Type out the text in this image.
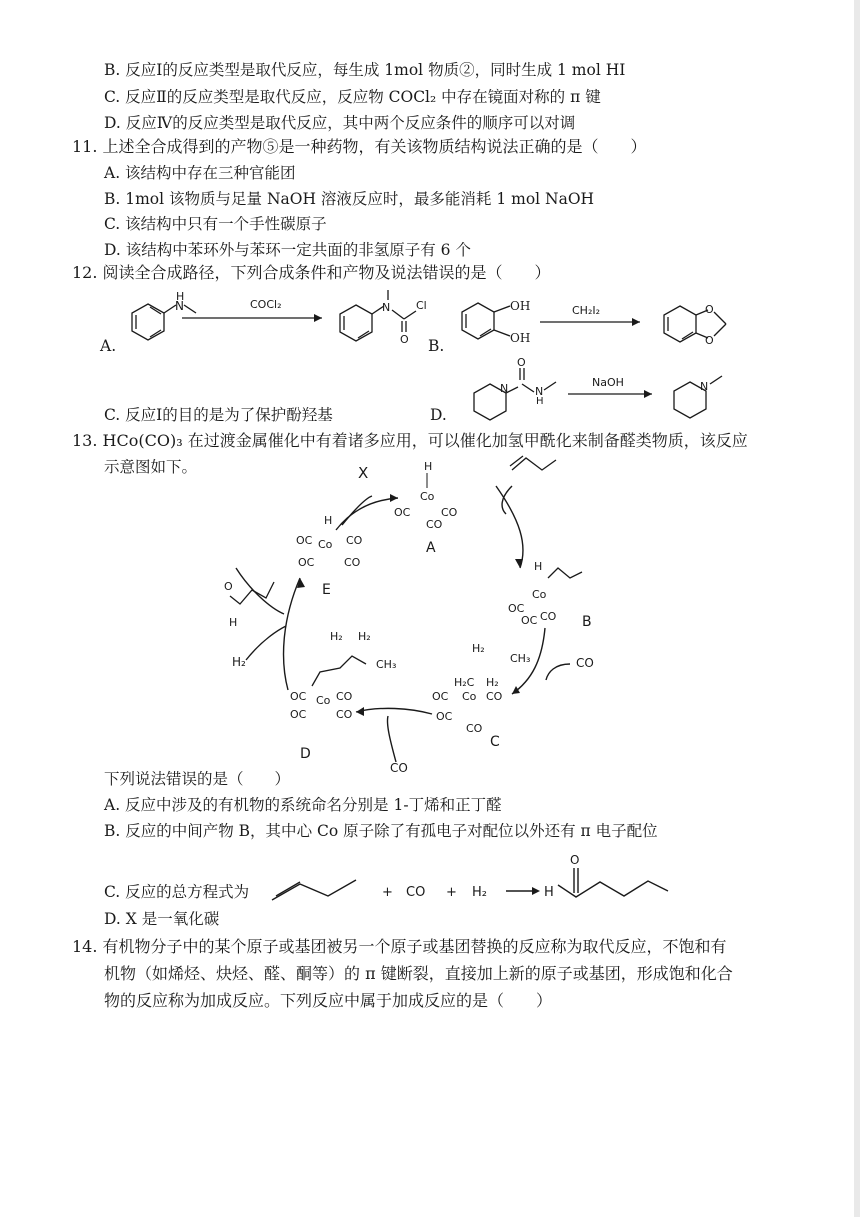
B. 反应Ⅰ的反应类型是取代反应，每生成 1mol 物质②，同时生成 1 mol HI
C. 反应Ⅱ的反应类型是取代反应，反应物 COCl₂ 中存在镜面对称的 π 键
D. 反应Ⅳ的反应类型是取代反应，其中两个反应条件的顺序可以对调
11. 上述全合成得到的产物⑤是一种药物，有关该物质结构说法正确的是（　　）
A. 该结构中存在三种官能团
B. 1mol 该物质与足量 NaOH 溶液反应时，最多能消耗 1 mol NaOH
C. 该结构中只有一个手性碳原子
D. 该结构中苯环外与苯环一定共面的非氢原子有 6 个
12. 阅读全合成路径，下列合成条件和产物及说法错误的是（　　）
A.	B.
C. 反应Ⅰ的目的是为了保护酚羟基	D.
H
N	COCl₂	N Cl
O
OH
OH
CH₂I₂	O
O
O
N N
H
NaOH	N
13. HCo(CO)₃ 在过渡金属催化中有着诸多应用，可以催化加氢甲酰化来制备醛类物质，该反应
示意图如下。	H
Co
OC	CO
CO
H
Co
OC
CO
OC
H₂C
Co
OC	CO
OC
CO
CH₃
H₂
H₂
Co
OC	CO
OC	CO
H₂ H₂
CH₃
H
Co
OC	CO
OC	CO
O
H
X
A
B
C
D
E
CO
CO
H₂
下列说法错误的是（　　）
A. 反应中涉及的有机物的系统命名分别是 1-丁烯和正丁醛
B. 反应的中间产物 B，其中心 Co 原子除了有孤电子对配位以外还有 π 电子配位
C. 反应的总方程式为	+ CO + H₂	H
O
D. X 是一氧化碳
14. 有机物分子中的某个原子或基团被另一个原子或基团替换的反应称为取代反应，不饱和有
机物（如烯烃、炔烃、醛、酮等）的 π 键断裂，直接加上新的原子或基团，形成饱和化合
物的反应称为加成反应。下列反应中属于加成反应的是（　　）
